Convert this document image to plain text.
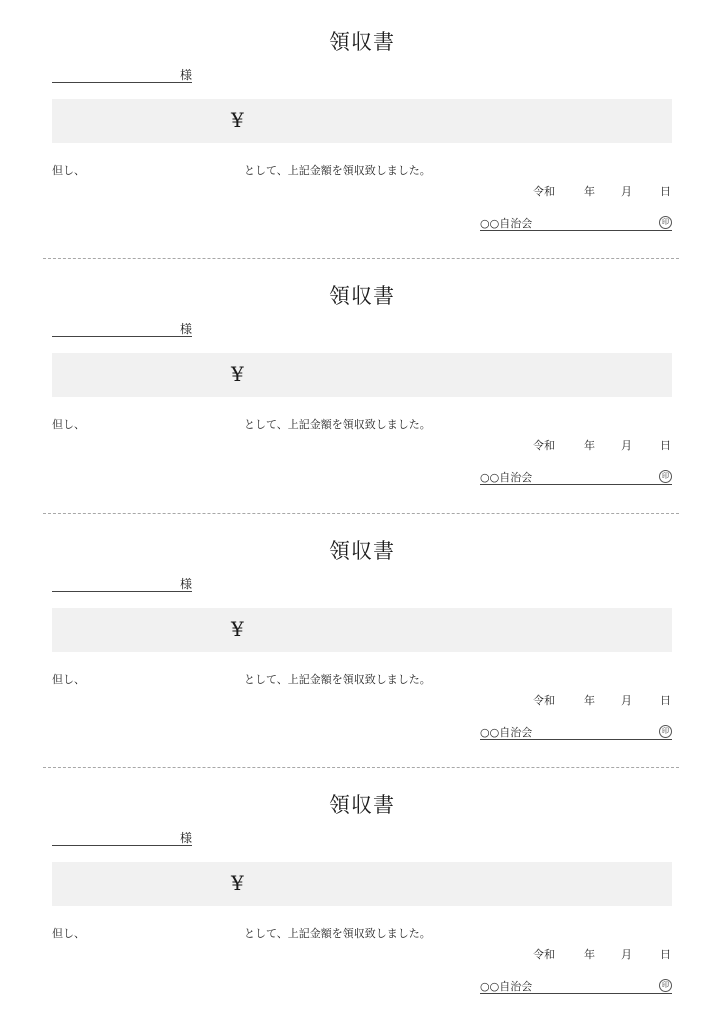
領収書
様
¥
但し、	として、上記金額を領収致しました。
令和	年 月	日
○○自治会	印
領収書
様
¥
但し、	として、上記金額を領収致しました。
令和	年 月	日
○○自治会	印
領収書
様
¥
但し、	として、上記金額を領収致しました。
令和	年 月	日
○○自治会	印
領収書
様
¥
但し、	として、上記金額を領収致しました。
令和	年 月	日
○○自治会	印
